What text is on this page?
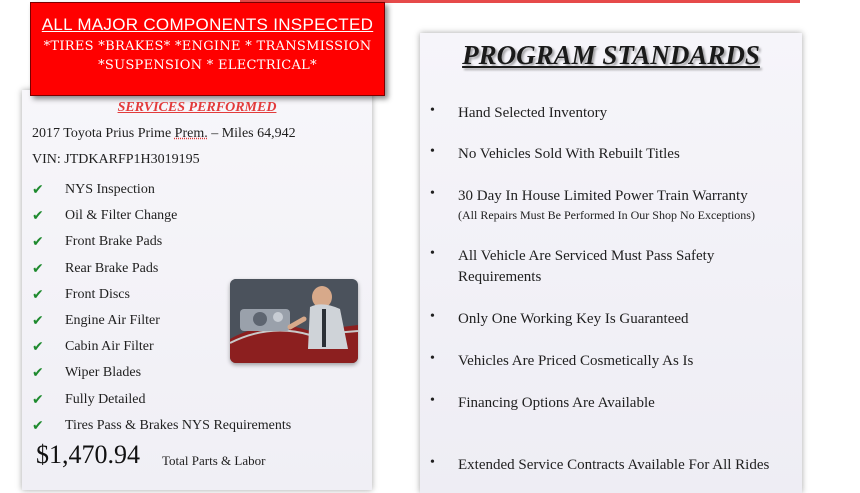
ALL MAJOR COMPONENTS INSPECTED
*TIRES *BRAKES* *ENGINE * TRANSMISSION
*SUSPENSION * ELECTRICAL*
SERVICES PERFORMED
2017 Toyota Prius Prime Prem. – Miles 64,942
VIN: JTDKARFP1H3019195
✔	NYS Inspection
✔	Oil & Filter Change
✔	Front Brake Pads
✔	Rear Brake Pads
✔	Front Discs
✔	Engine Air Filter
✔	Cabin Air Filter
✔	Wiper Blades
✔	Fully Detailed
✔	Tires Pass & Brakes NYS Requirements
$1,470.94 Total Parts & Labor
PROGRAM STANDARDS
•	Hand Selected Inventory
•	No Vehicles Sold With Rebuilt Titles
•	30 Day In House Limited Power Train Warranty
(All Repairs Must Be Performed In Our Shop No Exceptions)
•	All Vehicle Are Serviced Must Pass Safety Requirements
•	Only One Working Key Is Guaranteed
•	Vehicles Are Priced Cosmetically As Is
•	Financing Options Are Available
•	Extended Service Contracts Available For All Rides
